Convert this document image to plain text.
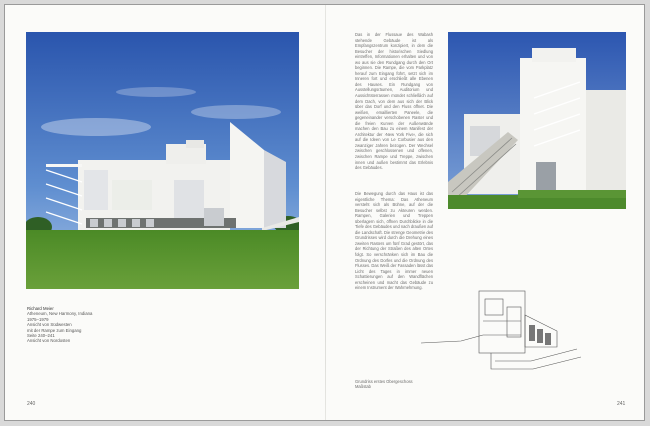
Richard Meier
Atheneum, New Harmony, Indiana
1975–1979
Ansicht von Südwesten
mit der Rampe zum Eingang
Seite 240–241
Ansicht von Nordosten
240

Das in der Flussaue des Wabash stehende Gebäude ist als Empfangszentrum konzipiert, in dem die Besucher der historischen Siedlung eintreffen, Informationen erhalten und von wo aus sie den Rundgang durch den Ort beginnen. Die Rampe, die vom Parkplatz herauf zum Eingang führt, setzt sich im Inneren fort und erschließt alle Ebenen des Hauses. Ein Rundgang von Ausstellungsräumen, Auditorium und Aussichtsterrassen mündet schließlich auf dem Dach, von dem aus sich der Blick über das Dorf und den Fluss öffnet. Die weißen, emaillierten Paneele, die gegeneinander verschobenen Raster und die freien Kurven der Außenwände machen den Bau zu einem Manifest der Architektur der ›New York Five‹, die sich auf die Ideen von Le Corbusier aus den zwanziger Jahren bezogen. Der Wechsel zwischen geschlossenen und offenen, zwischen Rampe und Treppe, zwischen innen und außen bestimmt das Erlebnis des Gebäudes.

Die Bewegung durch das Haus ist das eigentliche Thema: Das Atheneum versteht sich als Bühne, auf der die Besucher selbst zu Akteuren werden. Rampen, Galerien und Treppen überlagern sich, öffnen Durchblicke in die Tiefe des Gebäudes und nach draußen auf die Landschaft. Die strenge Geometrie des Grundrisses wird durch die Drehung eines zweiten Rasters um fünf Grad gestört, das der Richtung der Straßen des alten Ortes folgt. So verschränken sich im Bau die Ordnung des Dorfes und die Ordnung des Flusses. Das Weiß der Fassaden lässt das Licht des Tages in immer neuen Schattierungen auf den Wandflächen erscheinen und macht das Gebäude zu einem Instrument der Wahrnehmung.

Grundriss erstes Obergeschoss
Maßstab
241
